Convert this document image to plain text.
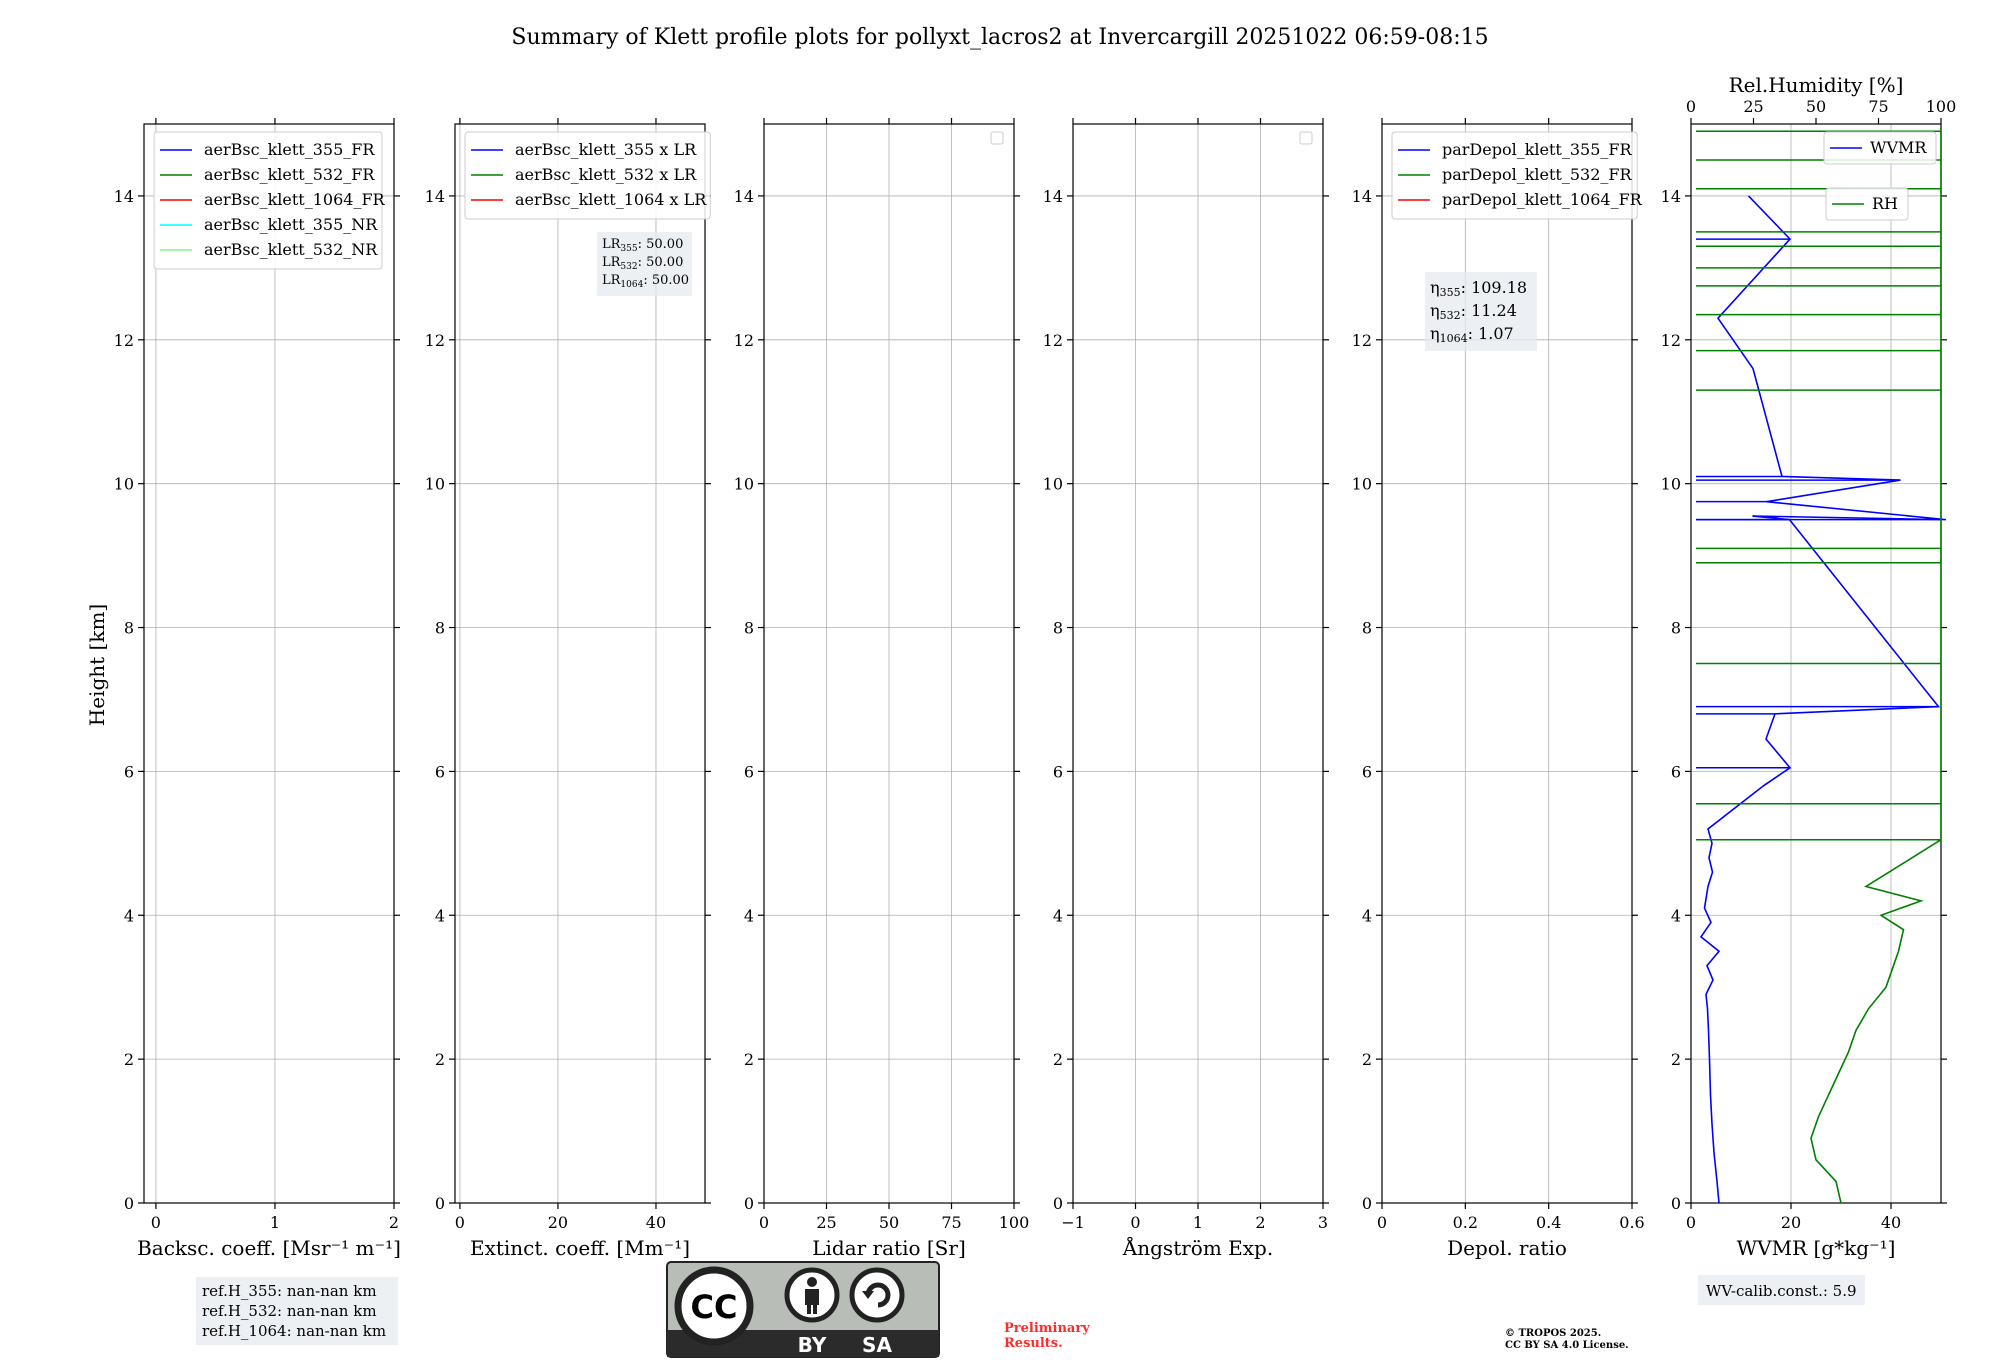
Summary of Klett profile plots for pollyxt_lacros2 at Invercargill 20251022 06:59-08:15
Height [km]
0
2
4
6
8
10
12
14
0	1	2
Backsc. coeff. [Msr⁻¹ m⁻¹]
aerBsc_klett_355_FR
aerBsc_klett_532_FR
aerBsc_klett_1064_FR
aerBsc_klett_355_NR
aerBsc_klett_532_NR
ref.H_355: nan-nan km
ref.H_532: nan-nan km
ref.H_1064: nan-nan km
0
2
4
6
8
10
12
14
0	20	40
Extinct. coeff. [Mm⁻¹]
aerBsc_klett_355 x LR
aerBsc_klett_532 x LR
aerBsc_klett_1064 x LR
$LR_{355}$: 50.00
$LR_{532}$: 50.00
$LR_{1064}$: 50.00
0
2
4
6
8
10
12
14
0	25	50	75 100
Lidar ratio [Sr]
0
2
4
6
8
10
12
14
−1	0	1	2	3
Ångström Exp.
0
2
4
6
8
10
12
14
0	0.2	0.4	0.6
Depol. ratio
parDepol_klett_355_FR
parDepol_klett_532_FR
parDepol_klett_1064_FR
η355: 109.18
η532: 11.24
η1064: 1.07
0
2
4
6
8
10
12
14
0	20	40
WVMR [g*kg⁻¹]
0	25	50	75 100
Rel.Humidity [%]
WVMR
RH
WV-calib.const.: 5.9
CC
BY SA
Preliminary
Results.
© TROPOS 2025.
CC BY SA 4.0 License.
